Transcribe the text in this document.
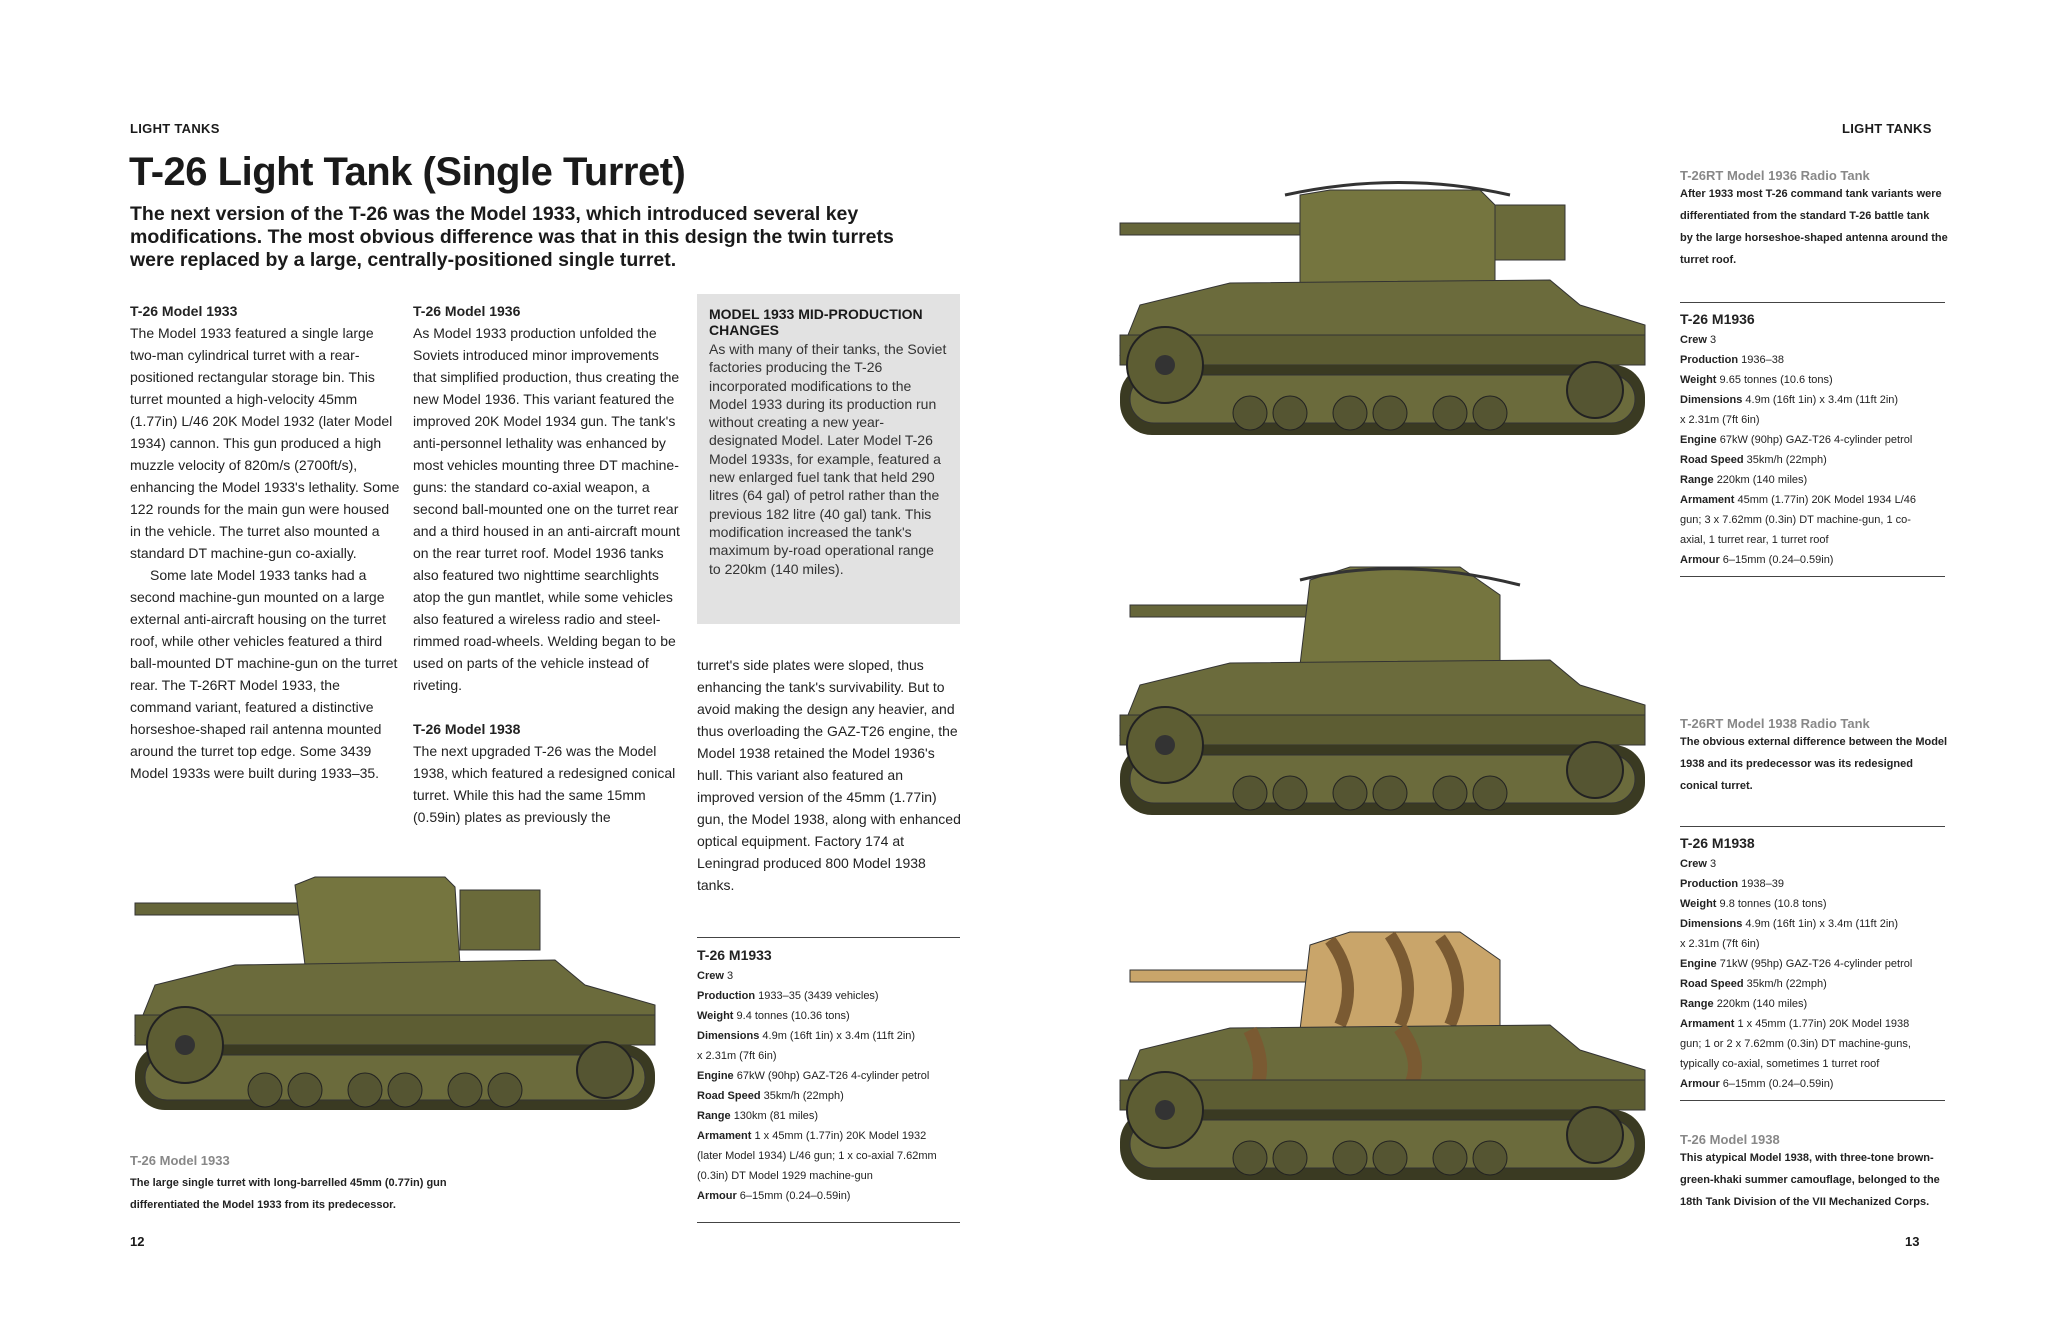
LIGHT TANKS
T-26 Light Tank (Single Turret)
The next version of the T-26 was the Model 1933, which introduced several key modifications. The most obvious difference was that in this design the twin turrets were replaced by a large, centrally-positioned single turret.
T-26 Model 1933

The Model 1933 featured a single large two-man cylindrical turret with a rear-positioned rectangular storage bin. This turret mounted a high-velocity 45mm (1.77in) L/46 20K Model 1932 (later Model 1934) cannon. This gun produced a high muzzle velocity of 820m/s (2700ft/s), enhancing the Model 1933's lethality. Some 122 rounds for the main gun were housed in the vehicle. The turret also mounted a standard DT machine-gun co-axially.

Some late Model 1933 tanks had a second machine-gun mounted on a large external anti-aircraft housing on the turret roof, while other vehicles featured a third ball-mounted DT machine-gun on the turret rear. The T-26RT Model 1933, the command variant, featured a distinctive horseshoe-shaped rail antenna mounted around the turret top edge. Some 3439 Model 1933s were built during 1933–35.

T-26 Model 1936

As Model 1933 production unfolded the Soviets introduced minor improvements that simplified production, thus creating the new Model 1936. This variant featured the improved 20K Model 1934 gun. The tank's anti-personnel lethality was enhanced by most vehicles mounting three DT machine-guns: the standard co-axial weapon, a second ball-mounted one on the turret rear and a third housed in an anti-aircraft mount on the rear turret roof. Model 1936 tanks also featured two nighttime searchlights atop the gun mantlet, while some vehicles also featured a wireless radio and steel-rimmed road-wheels. Welding began to be used on parts of the vehicle instead of riveting.

T-26 Model 1938

The next upgraded T-26 was the Model 1938, which featured a redesigned conical turret. While this had the same 15mm (0.59in) plates as previously the

MODEL 1933 MID-PRODUCTION CHANGES
As with many of their tanks, the Soviet factories producing the T-26 incorporated modifications to the Model 1933 during its production run without creating a new year-designated Model. Later Model T-26 Model 1933s, for example, featured a new enlarged fuel tank that held 290 litres (64 gal) of petrol rather than the previous 182 litre (40 gal) tank. This modification increased the tank's maximum by-road operational range to 220km (140 miles).

turret's side plates were sloped, thus enhancing the tank's survivability. But to avoid making the design any heavier, and thus overloading the GAZ-T26 engine, the Model 1938 retained the Model 1936's hull. This variant also featured an improved version of the 45mm (1.77in) gun, the Model 1938, along with enhanced optical equipment. Factory 174 at Leningrad produced 800 Model 1938 tanks.

T-26 M1933
Crew 3
Production 1933–35 (3439 vehicles)
Weight 9.4 tonnes (10.36 tons)
Dimensions 4.9m (16ft 1in) x 3.4m (11ft 2in)
x 2.31m (7ft 6in)
Engine 67kW (90hp) GAZ-T26 4-cylinder petrol
Road Speed 35km/h (22mph)
Range 130km (81 miles)
Armament 1 x 45mm (1.77in) 20K Model 1932
(later Model 1934) L/46 gun; 1 x co-axial 7.62mm
(0.3in) DT Model 1929 machine-gun
Armour 6–15mm (0.24–0.59in)
T-26 Model 1933
The large single turret with long-barrelled 45mm (0.77in) gun
differentiated the Model 1933 from its predecessor.
12
LIGHT TANKS
T-26RT Model 1936 Radio Tank
After 1933 most T-26 command tank variants were
differentiated from the standard T-26 battle tank
by the large horseshoe-shaped antenna around the
turret roof.
T-26 M1936
Crew 3
Production 1936–38
Weight 9.65 tonnes (10.6 tons)
Dimensions 4.9m (16ft 1in) x 3.4m (11ft 2in)
x 2.31m (7ft 6in)
Engine 67kW (90hp) GAZ-T26 4-cylinder petrol
Road Speed 35km/h (22mph)
Range 220km (140 miles)
Armament 45mm (1.77in) 20K Model 1934 L/46
gun; 3 x 7.62mm (0.3in) DT machine-gun, 1 co-
axial, 1 turret rear, 1 turret roof
Armour 6–15mm (0.24–0.59in)
T-26RT Model 1938 Radio Tank
The obvious external difference between the Model
1938 and its predecessor was its redesigned
conical turret.
T-26 M1938
Crew 3
Production 1938–39
Weight 9.8 tonnes (10.8 tons)
Dimensions 4.9m (16ft 1in) x 3.4m (11ft 2in)
x 2.31m (7ft 6in)
Engine 71kW (95hp) GAZ-T26 4-cylinder petrol
Road Speed 35km/h (22mph)
Range 220km (140 miles)
Armament 1 x 45mm (1.77in) 20K Model 1938
gun; 1 or 2 x 7.62mm (0.3in) DT machine-guns,
typically co-axial, sometimes 1 turret roof
Armour 6–15mm (0.24–0.59in)
T-26 Model 1938
This atypical Model 1938, with three-tone brown-
green-khaki summer camouflage, belonged to the
18th Tank Division of the VII Mechanized Corps.
13
